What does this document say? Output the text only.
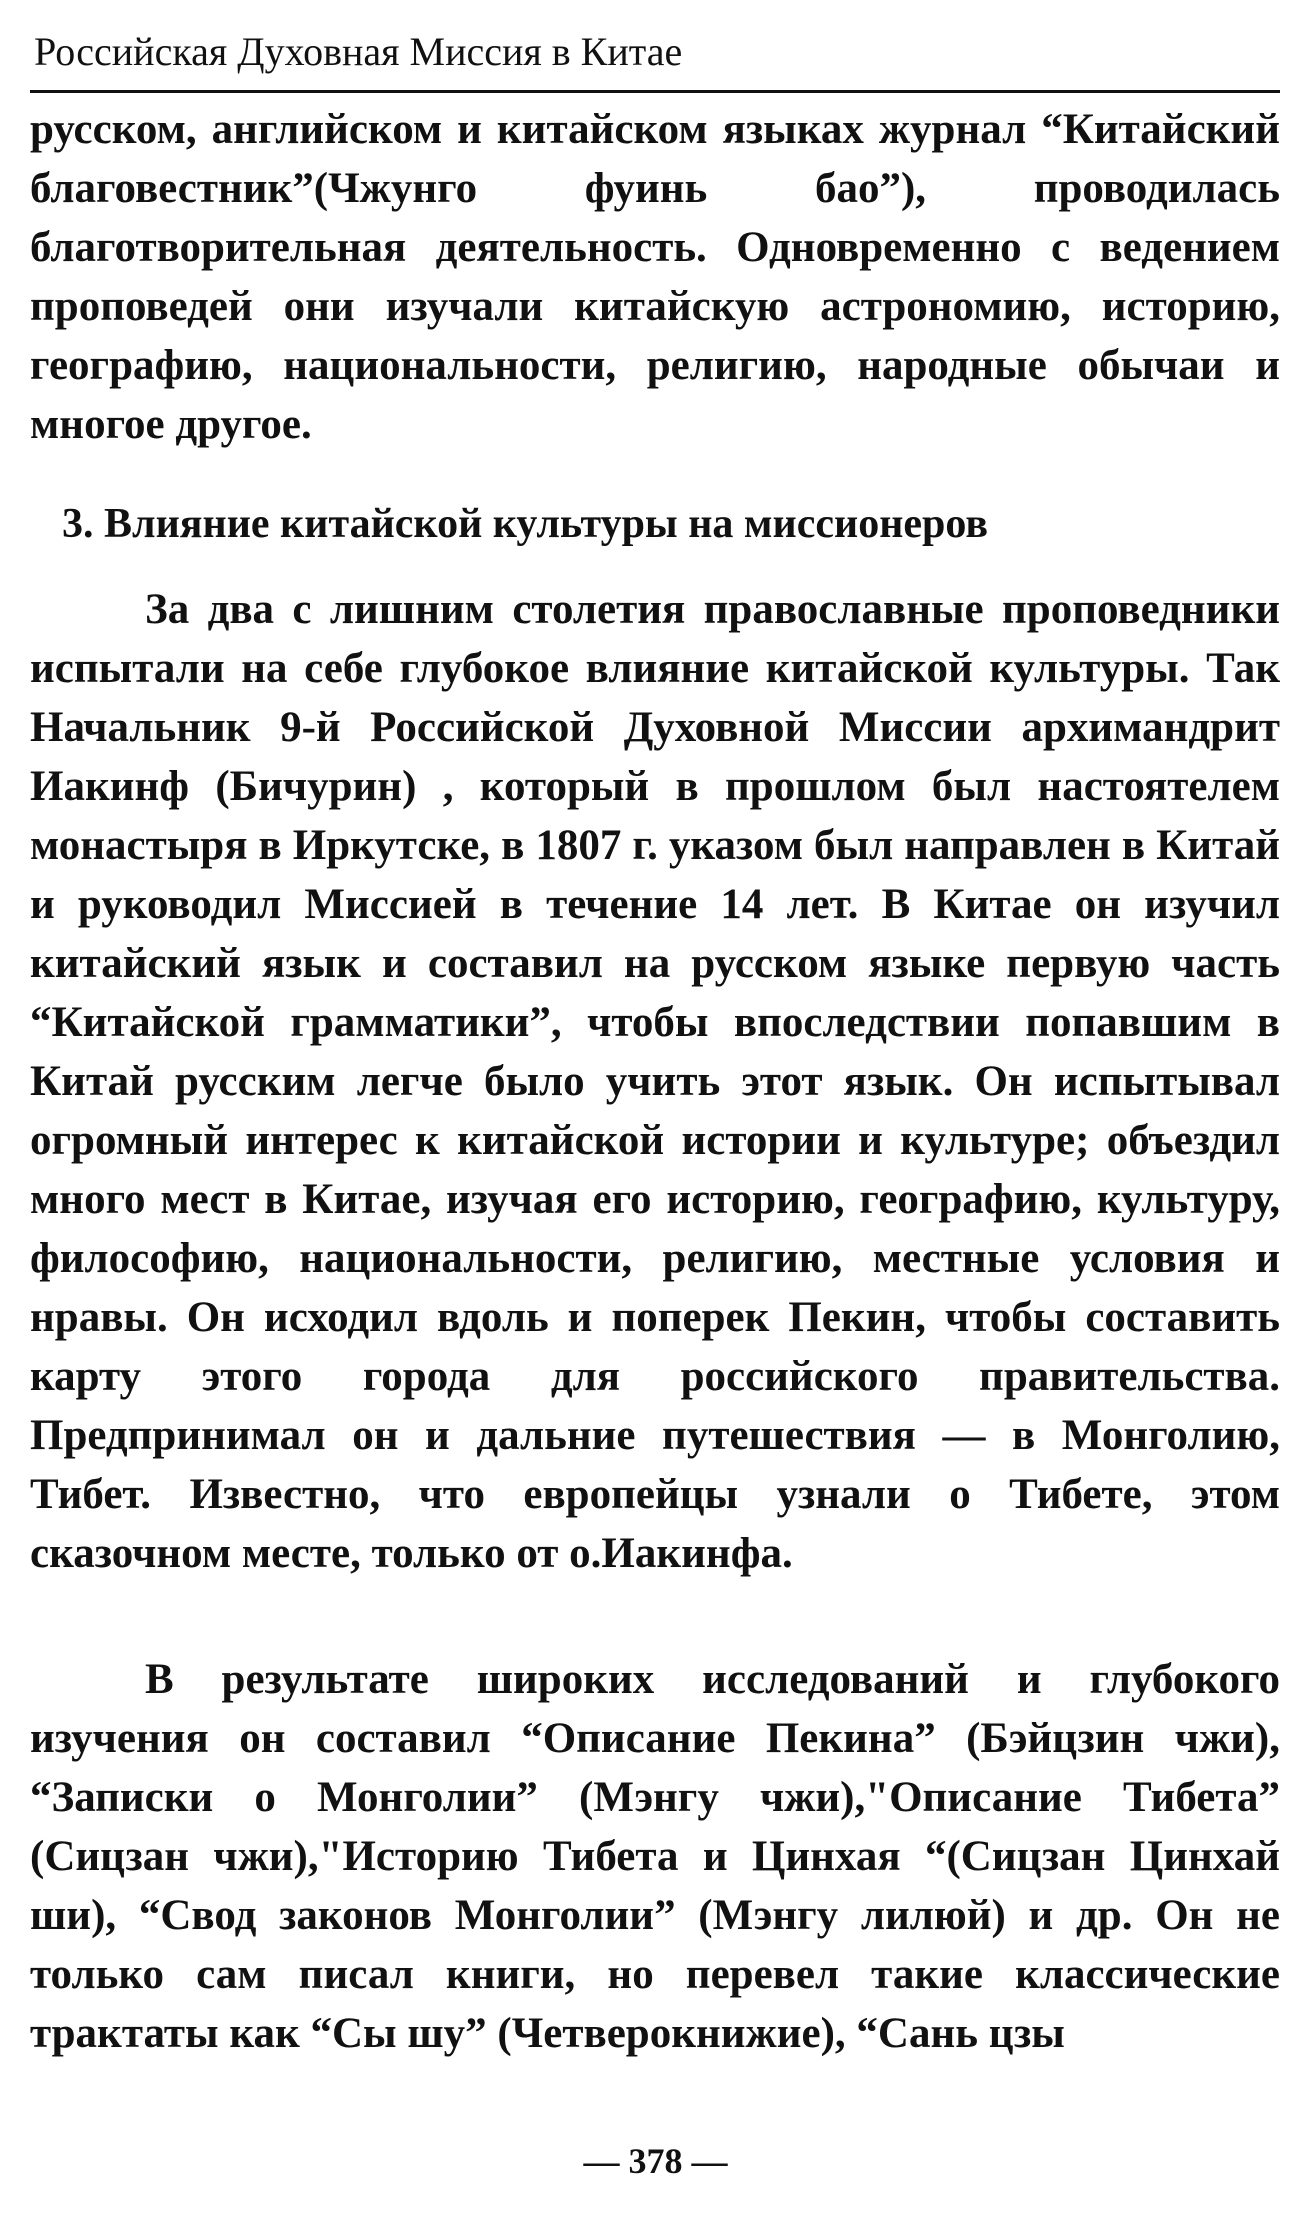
Российская Духовная Миссия в Китае
русском, английском и китайском языках журнал “Китайский благовестник”(Чжунго фуинь бао”), проводилась благотворительная деятельность. Одновременно с ведением проповедей они изучали китайскую астрономию, историю, географию, национальности, религию, народные обычаи и многое другое.
3. Влияние китайской культуры на миссионеров
За два с лишним столетия православные проповедники испытали на себе глубокое влияние китайской культуры. Так Начальник 9-й Российской Духовной Миссии архимандрит Иакинф (Бичурин) , который в прошлом был настоятелем монастыря в Иркутске, в 1807 г. указом был направлен в Китай и руководил Миссией в течение 14 лет. В Китае он изучил китайский язык и составил на русском языке первую часть “Китайской грамматики”, чтобы впоследствии попавшим в Китай русским легче было учить этот язык. Он испытывал огромный интерес к китайской истории и культуре; объездил много мест в Китае, изучая его историю, географию, культуру, философию, национальности, религию, местные условия и нравы. Он исходил вдоль и поперек Пекин, чтобы составить карту этого города для российского правительства. Предпринимал он и дальние путешествия — в Монголию, Тибет. Известно, что европейцы узнали о Тибете, этом сказочном месте, только от о.Иакинфа.
В результате широких исследований и глубокого изучения он составил “Описание Пекина” (Бэйцзин чжи), “Записки о Монголии” (Мэнгу чжи),"Описание Тибета” (Сицзан чжи),"Историю Тибета и Цинхая “(Сицзан Цинхай ши), “Свод законов Монголии” (Мэнгу лилюй) и др. Он не только сам писал книги, но перевел такие классические трактаты как “Сы шу” (Четверокнижие), “Сань цзы
— 378 —
